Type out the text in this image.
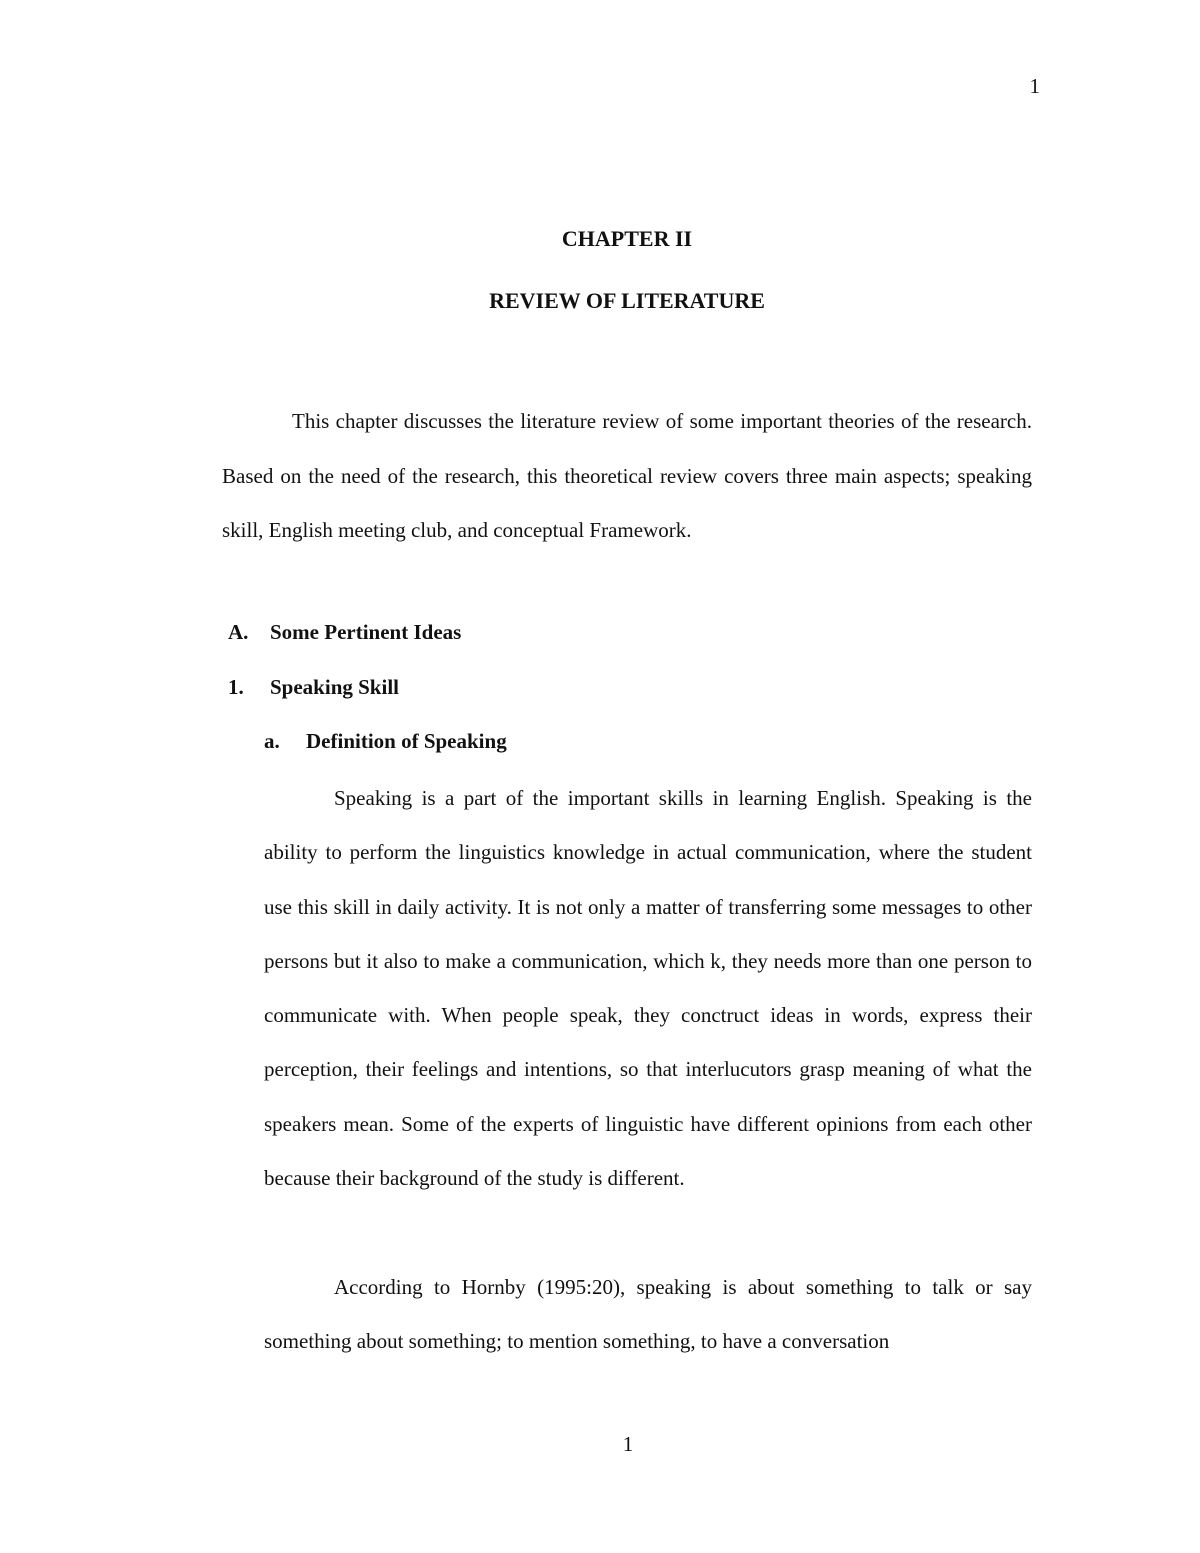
1
CHAPTER II
REVIEW OF LITERATURE

This chapter discusses the literature review of some important theories of the research. Based on the need of the research, this theoretical review covers three main aspects; speaking skill, English meeting club, and conceptual Framework.

A. Some Pertinent Ideas
1. Speaking Skill
a. Definition of Speaking

Speaking is a part of the important skills in learning English. Speaking is the ability to perform the linguistics knowledge in actual communication, where the student use this skill in daily activity. It is not only a matter of transferring some messages to other persons but it also to make a communication, which k, they needs more than one person to communicate with. When people speak, they conctruct ideas in words, express their perception, their feelings and intentions, so that interlucutors grasp meaning of what the speakers mean. Some of the experts of linguistic have different opinions from each other because their background of the study is different.

According to Hornby (1995:20), speaking is about something to talk or say something about something; to mention something, to have a conversation

1
